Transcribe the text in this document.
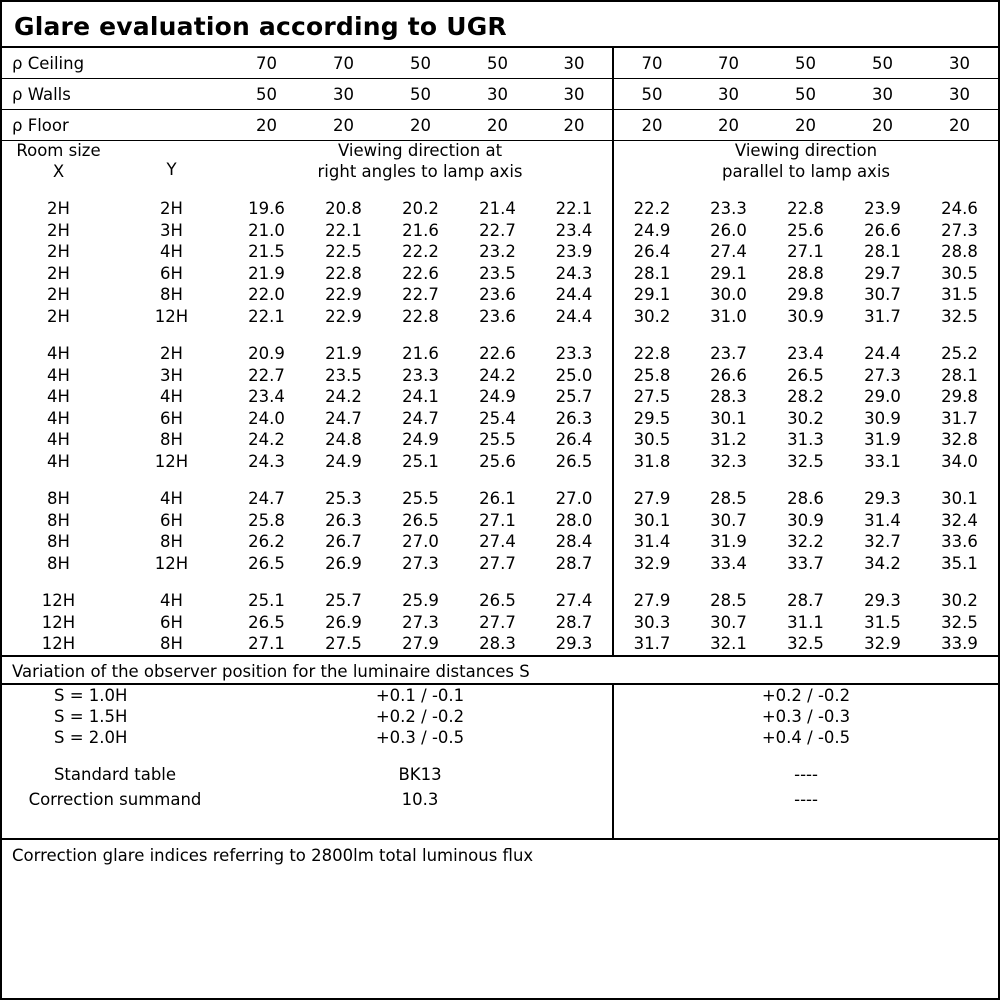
Glare evaluation according to UGR
ρ Ceiling		70	70	50	50	30	70	70	50	50	30
ρ Walls		50	30	50	30	30	50	30	50	30	30
ρ Floor		20	20	20	20	20	20	20	20	20	20

Room size
X	Y

Viewing direction at
right angles to lamp axis

Viewing direction
parallel to lamp axis

2H	2H	19.6	20.8	20.2	21.4	22.1	22.2	23.3	22.8	23.9	24.6
2H	3H	21.0	22.1	21.6	22.7	23.4	24.9	26.0	25.6	26.6	27.3
2H	4H	21.5	22.5	22.2	23.2	23.9	26.4	27.4	27.1	28.1	28.8
2H	6H	21.9	22.8	22.6	23.5	24.3	28.1	29.1	28.8	29.7	30.5
2H	8H	22.0	22.9	22.7	23.6	24.4	29.1	30.0	29.8	30.7	31.5
2H	12H	22.1	22.9	22.8	23.6	24.4	30.2	31.0	30.9	31.7	32.5

4H	2H	20.9	21.9	21.6	22.6	23.3	22.8	23.7	23.4	24.4	25.2
4H	3H	22.7	23.5	23.3	24.2	25.0	25.8	26.6	26.5	27.3	28.1
4H	4H	23.4	24.2	24.1	24.9	25.7	27.5	28.3	28.2	29.0	29.8
4H	6H	24.0	24.7	24.7	25.4	26.3	29.5	30.1	30.2	30.9	31.7
4H	8H	24.2	24.8	24.9	25.5	26.4	30.5	31.2	31.3	31.9	32.8
4H	12H	24.3	24.9	25.1	25.6	26.5	31.8	32.3	32.5	33.1	34.0

8H	4H	24.7	25.3	25.5	26.1	27.0	27.9	28.5	28.6	29.3	30.1
8H	6H	25.8	26.3	26.5	27.1	28.0	30.1	30.7	30.9	31.4	32.4
8H	8H	26.2	26.7	27.0	27.4	28.4	31.4	31.9	32.2	32.7	33.6
8H	12H	26.5	26.9	27.3	27.7	28.7	32.9	33.4	33.7	34.2	35.1

12H	4H	25.1	25.7	25.9	26.5	27.4	27.9	28.5	28.7	29.3	30.2
12H	6H	26.5	26.9	27.3	27.7	28.7	30.3	30.7	31.1	31.5	32.5
12H	8H	27.1	27.5	27.9	28.3	29.3	31.7	32.1	32.5	32.9	33.9
Variation of the observer position for the luminaire distances S
S = 1.0H	+0.1 / -0.1	+0.2 / -0.2
S = 1.5H	+0.2 / -0.2	+0.3 / -0.3
S = 2.0H	+0.3 / -0.5	+0.4 / -0.5
Standard table	BK13	----
Correction summand	10.3	----
Correction glare indices referring to 2800lm total luminous flux
